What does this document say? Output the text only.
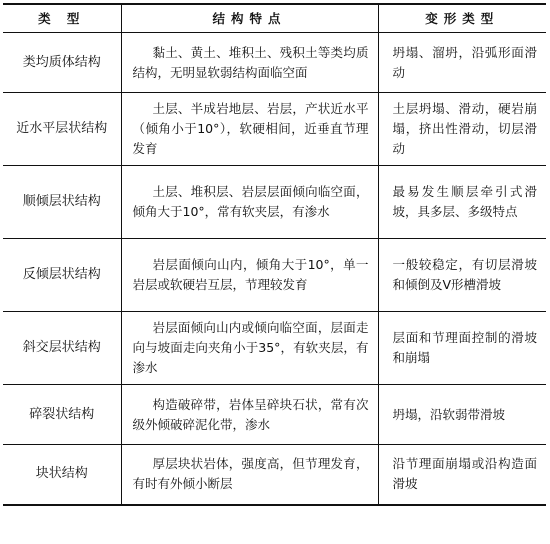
类 型	结构特点	变形类型
类均质体结构	黏土、黄土、堆积土、残积土等类均质结构，无明显软弱结构面临空面	坍塌、溜坍，沿弧形面滑动
近水平层状结构	土层、半成岩地层、岩层，产状近水平（倾角小于10°），软硬相间，近垂直节理发育	土层坍塌、滑动，硬岩崩塌，挤出性滑动，切层滑动
顺倾层状结构	土层、堆积层、岩层层面倾向临空面，倾角大于10°，常有软夹层，有渗水	最易发生顺层牵引式滑坡，具多层、多级特点
反倾层状结构	岩层面倾向山内，倾角大于10°，单一岩层或软硬岩互层，节理较发育	一般较稳定，有切层滑坡和倾倒及V形槽滑坡
斜交层状结构	岩层面倾向山内或倾向临空面，层面走向与坡面走向夹角小于35°，有软夹层，有渗水	层面和节理面控制的滑坡和崩塌
碎裂状结构	构造破碎带，岩体呈碎块石状，常有次级外倾破碎泥化带，渗水	坍塌，沿软弱带滑坡
块状结构	厚层块状岩体，强度高，但节理发育，有时有外倾小断层	沿节理面崩塌或沿构造面滑坡
